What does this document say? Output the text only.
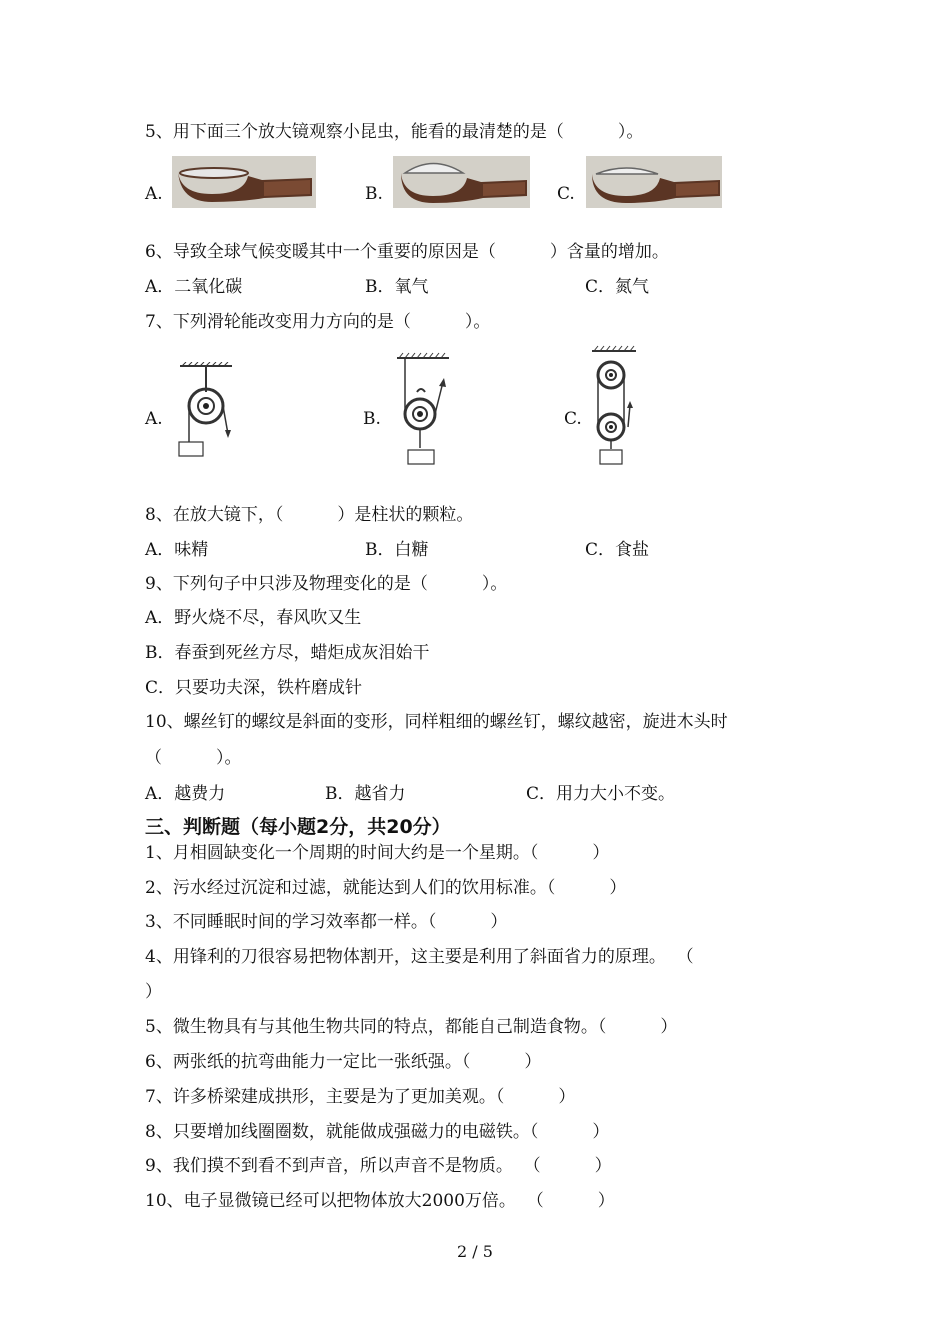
5、用下面三个放大镜观察小昆虫，能看的最清楚的是（          ）。
A.	B.	C.
6、导致全球气候变暖其中一个重要的原因是（          ）含量的增加。
A．二氧化碳	B．氧气	C．氮气
7、下列滑轮能改变用力方向的是（          ）。
A.	B.	C.
8、在放大镜下，（          ）是柱状的颗粒。
A．味精	B．白糖	C．食盐
9、下列句子中只涉及物理变化的是（          ）。
A．野火烧不尽，春风吹又生
B．春蚕到死丝方尽，蜡炬成灰泪始干
C．只要功夫深，铁杵磨成针
10、螺丝钉的螺纹是斜面的变形，同样粗细的螺丝钉，螺纹越密，旋进木头时
（          ）。
A．越费力	B．越省力	C．用力大小不变。
三、判断题（每小题2分，共20分）
1、月相圆缺变化一个周期的时间大约是一个星期。（          ）
2、污水经过沉淀和过滤，就能达到人们的饮用标准。（          ）
3、不同睡眠时间的学习效率都一样。（          ）
4、用锋利的刀很容易把物体割开，这主要是利用了斜面省力的原理。  （
）
5、微生物具有与其他生物共同的特点，都能自己制造食物。（          ）
6、两张纸的抗弯曲能力一定比一张纸强。（          ）
7、许多桥梁建成拱形，主要是为了更加美观。（          ）
8、只要增加线圈圈数，就能做成强磁力的电磁铁。（          ）
9、我们摸不到看不到声音，所以声音不是物质。  （          ）
10、电子显微镜已经可以把物体放大2000万倍。  （          ）
2 / 5
